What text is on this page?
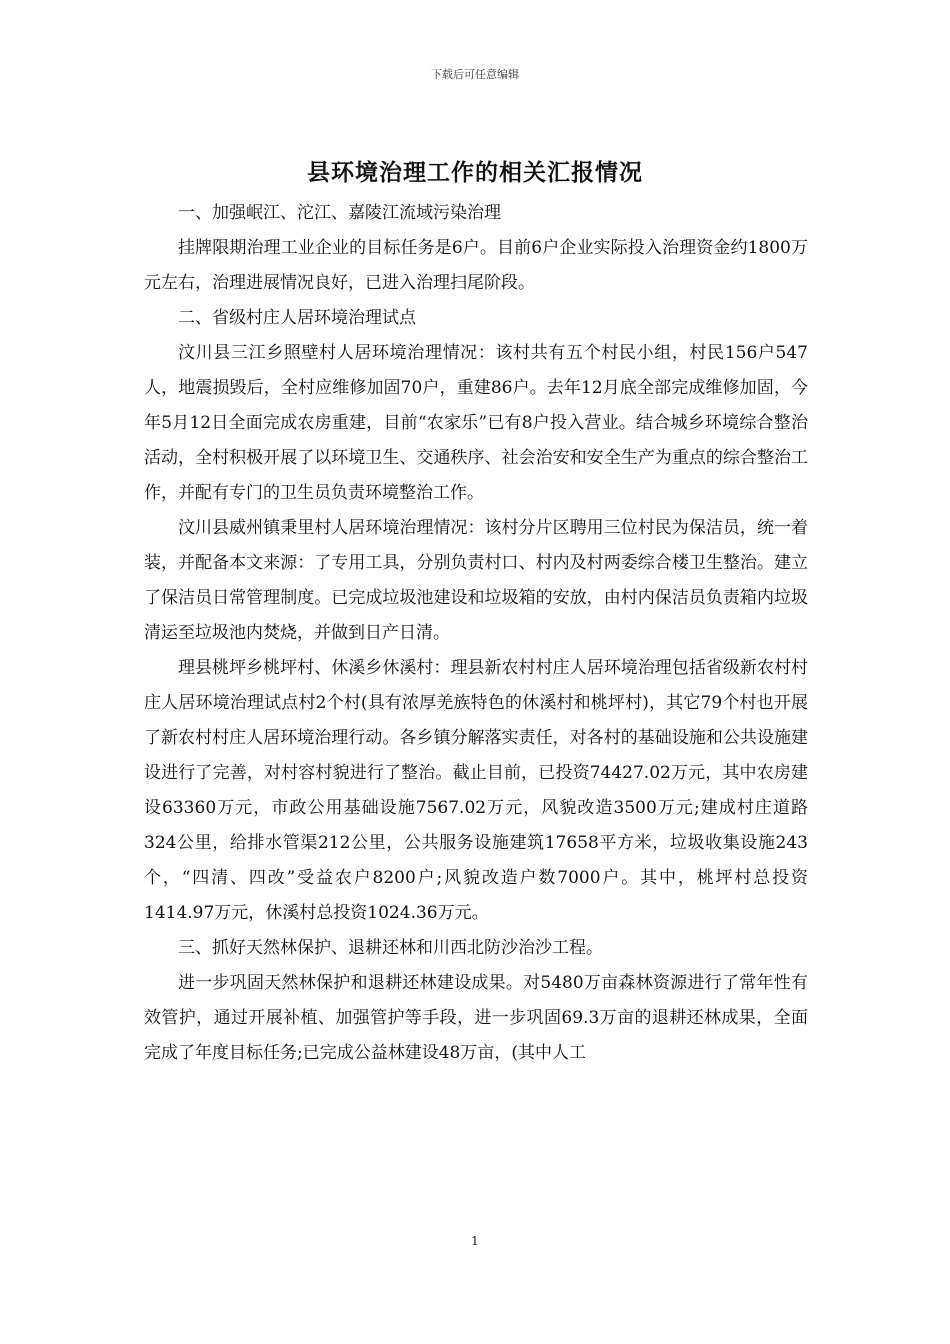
下载后可任意编辑
县环境治理工作的相关汇报情况

一、加强岷江、沱江、嘉陵江流域污染治理

挂牌限期治理工业企业的目标任务是6户。目前6户企业实际投入治理资金约1800万元左右，治理进展情况良好，已进入治理扫尾阶段。

二、省级村庄人居环境治理试点

汶川县三江乡照壁村人居环境治理情况：该村共有五个村民小组，村民156户547人，地震损毁后，全村应维修加固70户，重建86户。去年12月底全部完成维修加固，今年5月12日全面完成农房重建，目前“农家乐”已有8户投入营业。结合城乡环境综合整治活动，全村积极开展了以环境卫生、交通秩序、社会治安和安全生产为重点的综合整治工作，并配有专门的卫生员负责环境整治工作。

汶川县威州镇秉里村人居环境治理情况：该村分片区聘用三位村民为保洁员，统一着装，并配备本文来源：了专用工具，分别负责村口、村内及村两委综合楼卫生整治。建立了保洁员日常管理制度。已完成垃圾池建设和垃圾箱的安放，由村内保洁员负责箱内垃圾清运至垃圾池内焚烧，并做到日产日清。

理县桃坪乡桃坪村、休溪乡休溪村：理县新农村村庄人居环境治理包括省级新农村村庄人居环境治理试点村2个村(具有浓厚羌族特色的休溪村和桃坪村)，其它79个村也开展了新农村村庄人居环境治理行动。各乡镇分解落实责任，对各村的基础设施和公共设施建设进行了完善，对村容村貌进行了整治。截止目前，已投资74427.02万元，其中农房建设63360万元，市政公用基础设施7567.02万元，风貌改造3500万元;建成村庄道路324公里，给排水管渠212公里，公共服务设施建筑17658平方米，垃圾收集设施243个，“四清、四改”受益农户8200户;风貌改造户数7000户。其中，桃坪村总投资1414.97万元，休溪村总投资1024.36万元。

三、抓好天然林保护、退耕还林和川西北防沙治沙工程。

进一步巩固天然林保护和退耕还林建设成果。对5480万亩森林资源进行了常年性有效管护，通过开展补植、加强管护等手段，进一步巩固69.3万亩的退耕还林成果，全面完成了年度目标任务;已完成公益林建设48万亩，(其中人工

1
